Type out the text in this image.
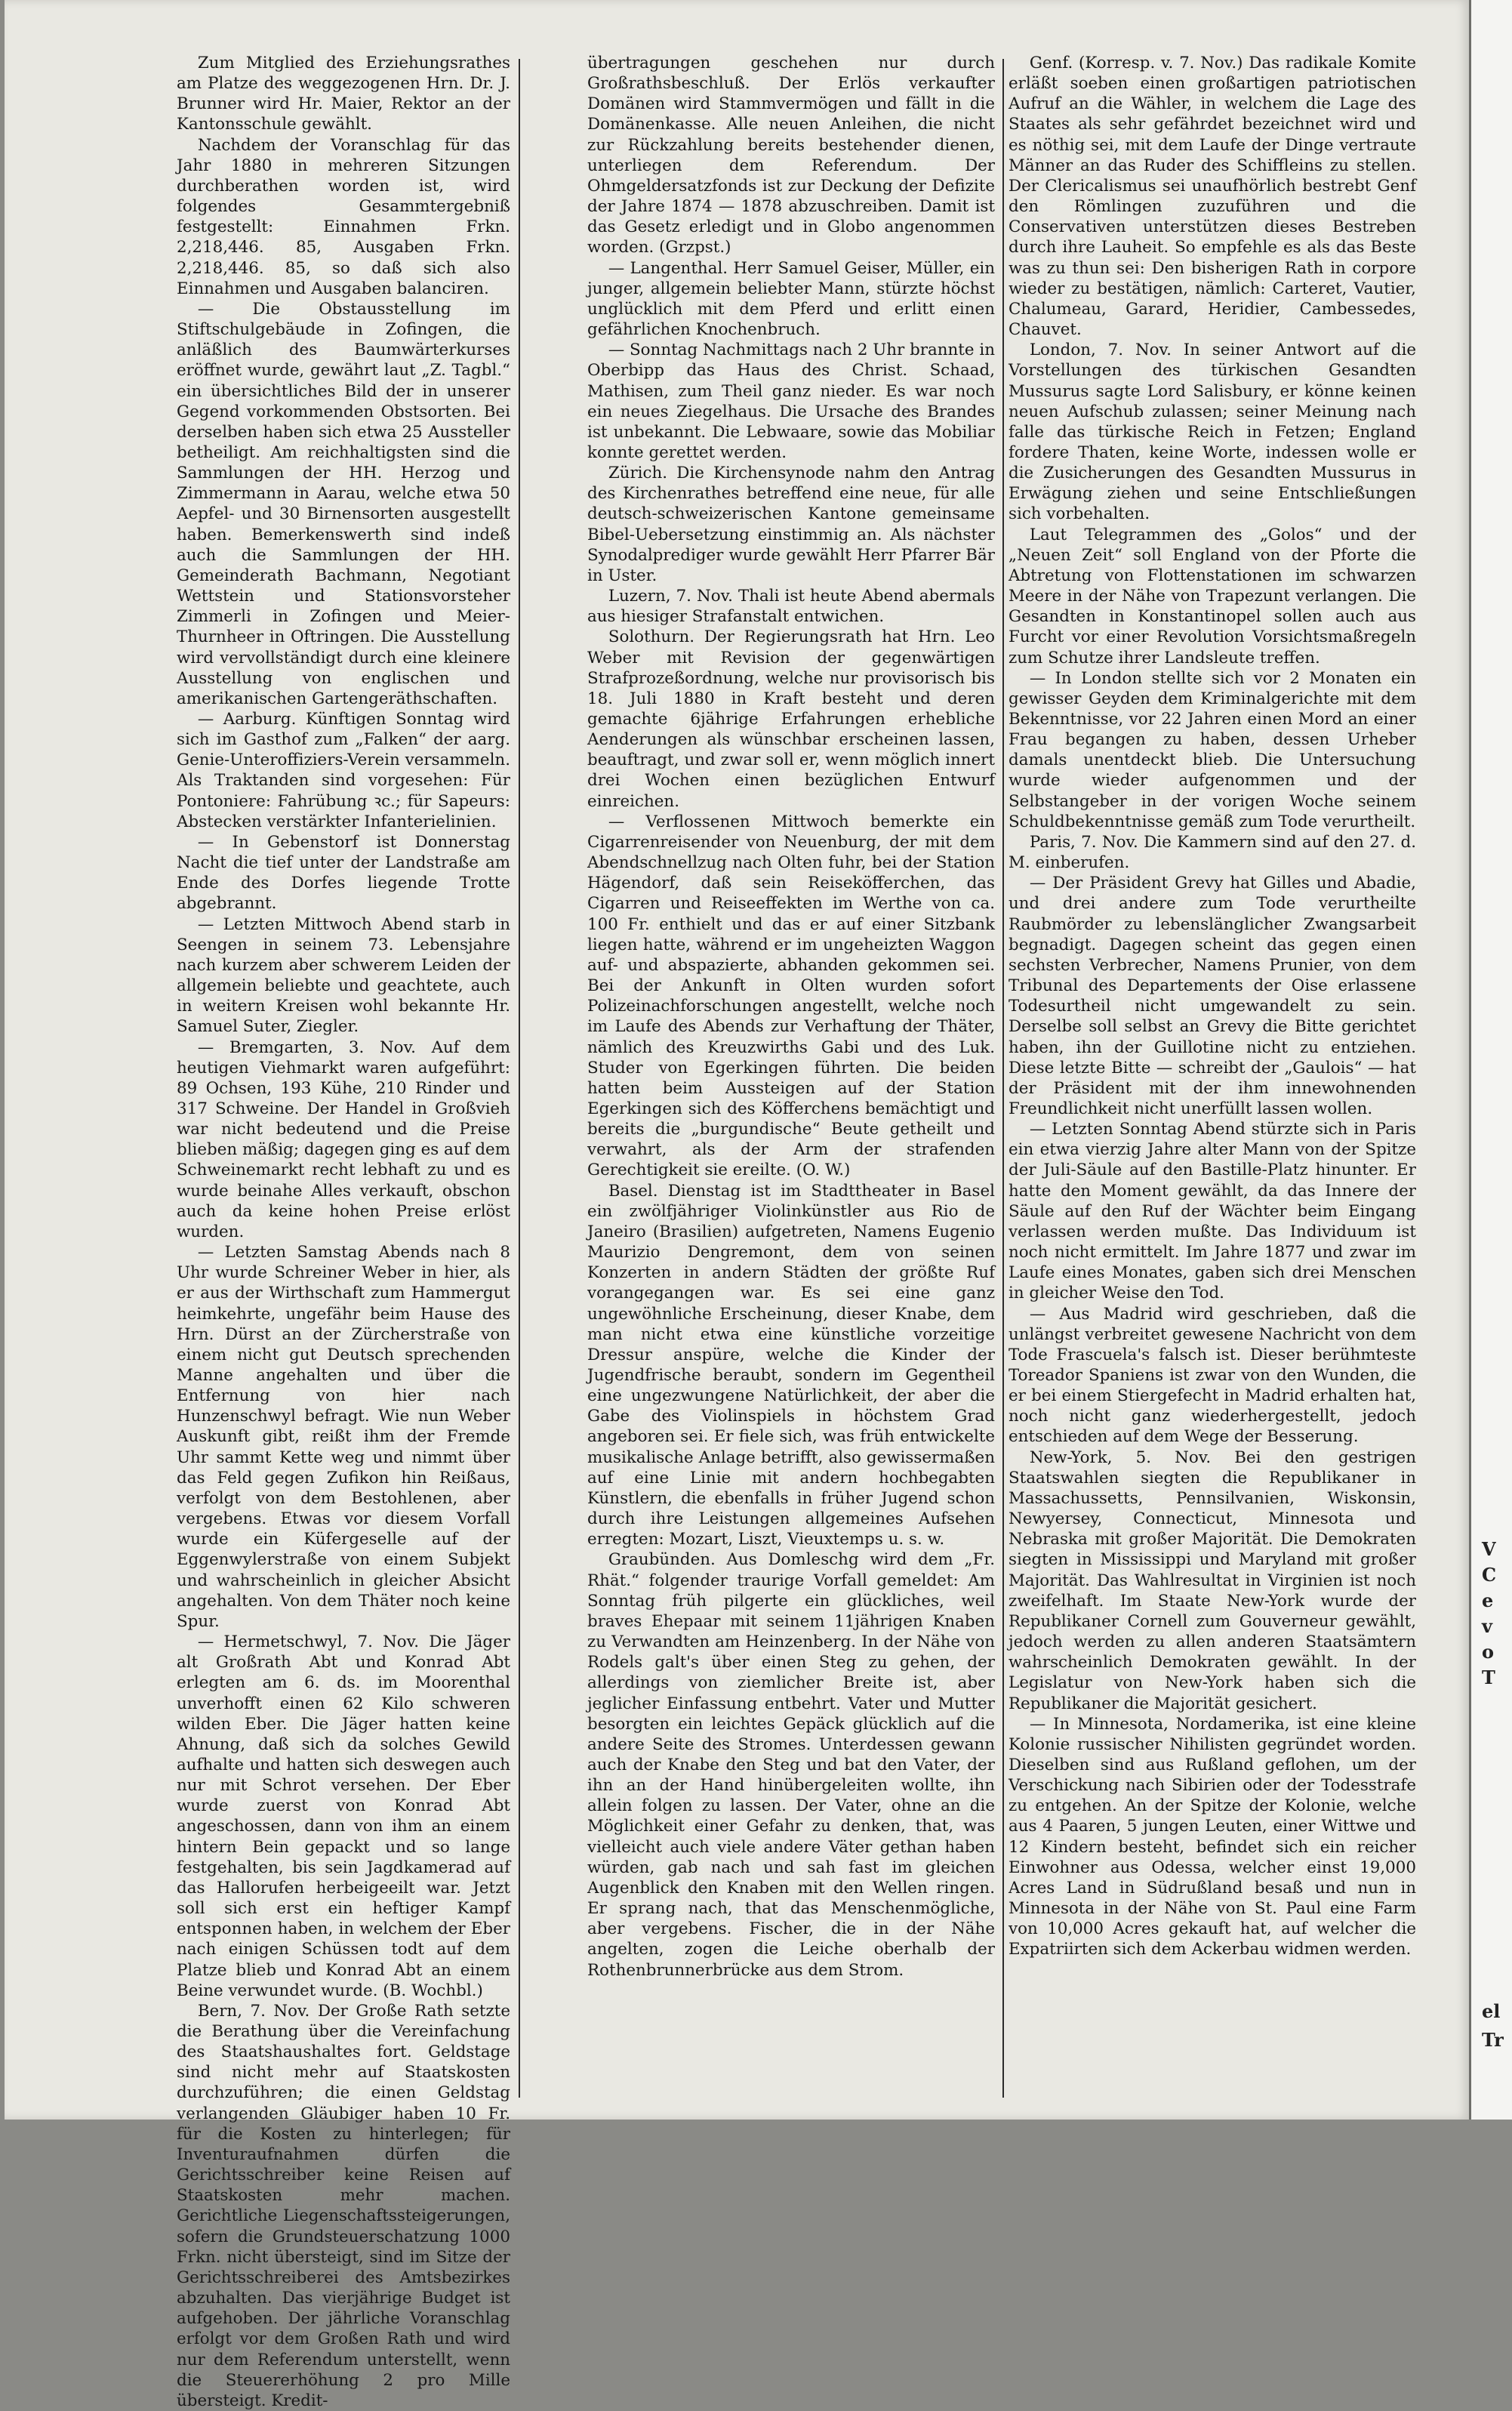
Zum Mitglied des Erziehungsrathes am Platze des weggezogenen Hrn. Dr. J. Brunner wird Hr. Maier, Rektor an der Kantonsschule gewählt.

Nachdem der Voranschlag für das Jahr 1880 in mehreren Sitzungen durchberathen worden ist, wird folgendes Gesammtergebniß festgestellt: Einnahmen Frkn. 2,218,446. 85, Ausgaben Frkn. 2,218,446. 85, so daß sich also Einnahmen und Ausgaben balanciren.

— Die Obstausstellung im Stiftschulgebäude in Zofingen, die anläßlich des Baumwärterkurses eröffnet wurde, gewährt laut „Z. Tagbl.“ ein übersichtliches Bild der in unserer Gegend vorkommenden Obstsorten. Bei derselben haben sich etwa 25 Aussteller betheiligt. Am reichhaltigsten sind die Sammlungen der HH. Herzog und Zimmermann in Aarau, welche etwa 50 Aepfel- und 30 Birnensorten ausgestellt haben. Bemerkenswerth sind indeß auch die Sammlungen der HH. Gemeinderath Bachmann, Negotiant Wettstein und Stationsvorsteher Zimmerli in Zofingen und Meier-Thurnheer in Oftringen. Die Ausstellung wird vervollständigt durch eine kleinere Ausstellung von englischen und amerikanischen Gartengeräthschaften.

— Aarburg. Künftigen Sonntag wird sich im Gasthof zum „Falken“ der aarg. Genie-Unteroffiziers-Verein versammeln. Als Traktanden sind vorgesehen: Für Pontoniere: Fahrübung ꝛc.; für Sapeurs: Abstecken verstärkter Infanterielinien.

— In Gebenstorf ist Donnerstag Nacht die tief unter der Landstraße am Ende des Dorfes liegende Trotte abgebrannt.

— Letzten Mittwoch Abend starb in Seengen in seinem 73. Lebensjahre nach kurzem aber schwerem Leiden der allgemein beliebte und geachtete, auch in weitern Kreisen wohl bekannte Hr. Samuel Suter, Ziegler.

— Bremgarten, 3. Nov. Auf dem heutigen Viehmarkt waren aufgeführt: 89 Ochsen, 193 Kühe, 210 Rinder und 317 Schweine. Der Handel in Großvieh war nicht bedeutend und die Preise blieben mäßig; dagegen ging es auf dem Schweinemarkt recht lebhaft zu und es wurde beinahe Alles verkauft, obschon auch da keine hohen Preise erlöst wurden.

— Letzten Samstag Abends nach 8 Uhr wurde Schreiner Weber in hier, als er aus der Wirthschaft zum Hammergut heimkehrte, ungefähr beim Hause des Hrn. Dürst an der Zürcherstraße von einem nicht gut Deutsch sprechenden Manne angehalten und über die Entfernung von hier nach Hunzenschwyl befragt. Wie nun Weber Auskunft gibt, reißt ihm der Fremde Uhr sammt Kette weg und nimmt über das Feld gegen Zufikon hin Reißaus, verfolgt von dem Bestohlenen, aber vergebens. Etwas vor diesem Vorfall wurde ein Küfergeselle auf der Eggenwylerstraße von einem Subjekt und wahrscheinlich in gleicher Absicht angehalten. Von dem Thäter noch keine Spur.

— Hermetschwyl, 7. Nov. Die Jäger alt Großrath Abt und Konrad Abt erlegten am 6. ds. im Moorenthal unverhofft einen 62 Kilo schweren wilden Eber. Die Jäger hatten keine Ahnung, daß sich da solches Gewild aufhalte und hatten sich deswegen auch nur mit Schrot versehen. Der Eber wurde zuerst von Konrad Abt angeschossen, dann von ihm an einem hintern Bein gepackt und so lange festgehalten, bis sein Jagdkamerad auf das Hallorufen herbeigeeilt war. Jetzt soll sich erst ein heftiger Kampf entsponnen haben, in welchem der Eber nach einigen Schüssen todt auf dem Platze blieb und Konrad Abt an einem Beine verwundet wurde. (B. Wochbl.)

Bern, 7. Nov. Der Große Rath setzte die Berathung über die Vereinfachung des Staatshaushaltes fort. Geldstage sind nicht mehr auf Staatskosten durchzuführen; die einen Geldstag verlangenden Gläubiger haben 10 Fr. für die Kosten zu hinterlegen; für Inventuraufnahmen dürfen die Gerichtsschreiber keine Reisen auf Staatskosten mehr machen. Gerichtliche Liegenschaftssteigerungen, sofern die Grundsteuerschatzung 1000 Frkn. nicht übersteigt, sind im Sitze der Gerichtsschreiberei des Amtsbezirkes abzuhalten. Das vierjährige Budget ist aufgehoben. Der jährliche Voranschlag erfolgt vor dem Großen Rath und wird nur dem Referendum unterstellt, wenn die Steuererhöhung 2 pro Mille übersteigt. Kredit-

übertragungen geschehen nur durch Großrathsbeschluß. Der Erlös verkaufter Domänen wird Stammvermögen und fällt in die Domänenkasse. Alle neuen Anleihen, die nicht zur Rückzahlung bereits bestehender dienen, unterliegen dem Referendum. Der Ohmgeldersatzfonds ist zur Deckung der Defizite der Jahre 1874 — 1878 abzuschreiben. Damit ist das Gesetz erledigt und in Globo angenommen worden. (Grzpst.)

— Langenthal. Herr Samuel Geiser, Müller, ein junger, allgemein beliebter Mann, stürzte höchst unglücklich mit dem Pferd und erlitt einen gefährlichen Knochenbruch.

— Sonntag Nachmittags nach 2 Uhr brannte in Oberbipp das Haus des Christ. Schaad, Mathisen, zum Theil ganz nieder. Es war noch ein neues Ziegelhaus. Die Ursache des Brandes ist unbekannt. Die Lebwaare, sowie das Mobiliar konnte gerettet werden.

Zürich. Die Kirchensynode nahm den Antrag des Kirchenrathes betreffend eine neue, für alle deutsch-schweizerischen Kantone gemeinsame Bibel-Uebersetzung einstimmig an. Als nächster Synodalprediger wurde gewählt Herr Pfarrer Bär in Uster.

Luzern, 7. Nov. Thali ist heute Abend abermals aus hiesiger Strafanstalt entwichen.

Solothurn. Der Regierungsrath hat Hrn. Leo Weber mit Revision der gegenwärtigen Strafprozeßordnung, welche nur provisorisch bis 18. Juli 1880 in Kraft besteht und deren gemachte 6jährige Erfahrungen erhebliche Aenderungen als wünschbar erscheinen lassen, beauftragt, und zwar soll er, wenn möglich innert drei Wochen einen bezüglichen Entwurf einreichen.

— Verflossenen Mittwoch bemerkte ein Cigarrenreisender von Neuenburg, der mit dem Abendschnellzug nach Olten fuhr, bei der Station Hägendorf, daß sein Reiseköfferchen, das Cigarren und Reiseeffekten im Werthe von ca. 100 Fr. enthielt und das er auf einer Sitzbank liegen hatte, während er im ungeheizten Waggon auf- und abspazierte, abhanden gekommen sei. Bei der Ankunft in Olten wurden sofort Polizeinachforschungen angestellt, welche noch im Laufe des Abends zur Verhaftung der Thäter, nämlich des Kreuzwirths Gabi und des Luk. Studer von Egerkingen führten. Die beiden hatten beim Aussteigen auf der Station Egerkingen sich des Köfferchens bemächtigt und bereits die „burgundische“ Beute getheilt und verwahrt, als der Arm der strafenden Gerechtigkeit sie ereilte. (O. W.)

Basel. Dienstag ist im Stadttheater in Basel ein zwölfjähriger Violinkünstler aus Rio de Janeiro (Brasilien) aufgetreten, Namens Eugenio Maurizio Dengremont, dem von seinen Konzerten in andern Städten der größte Ruf vorangegangen war. Es sei eine ganz ungewöhnliche Erscheinung, dieser Knabe, dem man nicht etwa eine künstliche vorzeitige Dressur anspüre, welche die Kinder der Jugendfrische beraubt, sondern im Gegentheil eine ungezwungene Natürlichkeit, der aber die Gabe des Violinspiels in höchstem Grad angeboren sei. Er fiele sich, was früh entwickelte musikalische Anlage betrifft, also gewissermaßen auf eine Linie mit andern hochbegabten Künstlern, die ebenfalls in früher Jugend schon durch ihre Leistungen allgemeines Aufsehen erregten: Mozart, Liszt, Vieuxtemps u. s. w.

Graubünden. Aus Domleschg wird dem „Fr. Rhät.“ folgender traurige Vorfall gemeldet: Am Sonntag früh pilgerte ein glückliches, weil braves Ehepaar mit seinem 11jährigen Knaben zu Verwandten am Heinzenberg. In der Nähe von Rodels galt's über einen Steg zu gehen, der allerdings von ziemlicher Breite ist, aber jeglicher Einfassung entbehrt. Vater und Mutter besorgten ein leichtes Gepäck glücklich auf die andere Seite des Stromes. Unterdessen gewann auch der Knabe den Steg und bat den Vater, der ihn an der Hand hinübergeleiten wollte, ihn allein folgen zu lassen. Der Vater, ohne an die Möglichkeit einer Gefahr zu denken, that, was vielleicht auch viele andere Väter gethan haben würden, gab nach und sah fast im gleichen Augenblick den Knaben mit den Wellen ringen. Er sprang nach, that das Menschenmögliche, aber vergebens. Fischer, die in der Nähe angelten, zogen die Leiche oberhalb der Rothenbrunnerbrücke aus dem Strom.

Genf. (Korresp. v. 7. Nov.) Das radikale Komite erläßt soeben einen großartigen patriotischen Aufruf an die Wähler, in welchem die Lage des Staates als sehr gefährdet bezeichnet wird und es nöthig sei, mit dem Laufe der Dinge vertraute Männer an das Ruder des Schiffleins zu stellen. Der Clericalismus sei unaufhörlich bestrebt Genf den Römlingen zuzuführen und die Conservativen unterstützen dieses Bestreben durch ihre Lauheit. So empfehle es als das Beste was zu thun sei: Den bisherigen Rath in corpore wieder zu bestätigen, nämlich: Carteret, Vautier, Chalumeau, Garard, Heridier, Cambessedes, Chauvet.

London, 7. Nov. In seiner Antwort auf die Vorstellungen des türkischen Gesandten Mussurus sagte Lord Salisbury, er könne keinen neuen Aufschub zulassen; seiner Meinung nach falle das türkische Reich in Fetzen; England fordere Thaten, keine Worte, indessen wolle er die Zusicherungen des Gesandten Mussurus in Erwägung ziehen und seine Entschließungen sich vorbehalten.

Laut Telegrammen des „Golos“ und der „Neuen Zeit“ soll England von der Pforte die Abtretung von Flottenstationen im schwarzen Meere in der Nähe von Trapezunt verlangen. Die Gesandten in Konstantinopel sollen auch aus Furcht vor einer Revolution Vorsichtsmaßregeln zum Schutze ihrer Landsleute treffen.

— In London stellte sich vor 2 Monaten ein gewisser Geyden dem Kriminalgerichte mit dem Bekenntnisse, vor 22 Jahren einen Mord an einer Frau begangen zu haben, dessen Urheber damals unentdeckt blieb. Die Untersuchung wurde wieder aufgenommen und der Selbstangeber in der vorigen Woche seinem Schuldbekenntnisse gemäß zum Tode verurtheilt.

Paris, 7. Nov. Die Kammern sind auf den 27. d. M. einberufen.

— Der Präsident Grevy hat Gilles und Abadie, und drei andere zum Tode verurtheilte Raubmörder zu lebenslänglicher Zwangsarbeit begnadigt. Dagegen scheint das gegen einen sechsten Verbrecher, Namens Prunier, von dem Tribunal des Departements der Oise erlassene Todesurtheil nicht umgewandelt zu sein. Derselbe soll selbst an Grevy die Bitte gerichtet haben, ihn der Guillotine nicht zu entziehen. Diese letzte Bitte — schreibt der „Gaulois“ — hat der Präsident mit der ihm innewohnenden Freundlichkeit nicht unerfüllt lassen wollen.

— Letzten Sonntag Abend stürzte sich in Paris ein etwa vierzig Jahre alter Mann von der Spitze der Juli-Säule auf den Bastille-Platz hinunter. Er hatte den Moment gewählt, da das Innere der Säule auf den Ruf der Wächter beim Eingang verlassen werden mußte. Das Individuum ist noch nicht ermittelt. Im Jahre 1877 und zwar im Laufe eines Monates, gaben sich drei Menschen in gleicher Weise den Tod.

— Aus Madrid wird geschrieben, daß die unlängst verbreitet gewesene Nachricht von dem Tode Frascuela's falsch ist. Dieser berühmteste Toreador Spaniens ist zwar von den Wunden, die er bei einem Stiergefecht in Madrid erhalten hat, noch nicht ganz wiederhergestellt, jedoch entschieden auf dem Wege der Besserung.

New-York, 5. Nov. Bei den gestrigen Staatswahlen siegten die Republikaner in Massachussetts, Pennsilvanien, Wiskonsin, Newyersey, Connecticut, Minnesota und Nebraska mit großer Majorität. Die Demokraten siegten in Mississippi und Maryland mit großer Majorität. Das Wahlresultat in Virginien ist noch zweifelhaft. Im Staate New-York wurde der Republikaner Cornell zum Gouverneur gewählt, jedoch werden zu allen anderen Staatsämtern wahrscheinlich Demokraten gewählt. In der Legislatur von New-York haben sich die Republikaner die Majorität gesichert.

— In Minnesota, Nordamerika, ist eine kleine Kolonie russischer Nihilisten gegründet worden. Dieselben sind aus Rußland geflohen, um der Verschickung nach Sibirien oder der Todesstrafe zu entgehen. An der Spitze der Kolonie, welche aus 4 Paaren, 5 jungen Leuten, einer Wittwe und 12 Kindern besteht, befindet sich ein reicher Einwohner aus Odessa, welcher einst 19,000 Acres Land in Südrußland besaß und nun in Minnesota in der Nähe von St. Paul eine Farm von 10,000 Acres gekauft hat, auf welcher die Expatriirten sich dem Ackerbau widmen werden.

V
C
e
v
o
T
el
Tr
